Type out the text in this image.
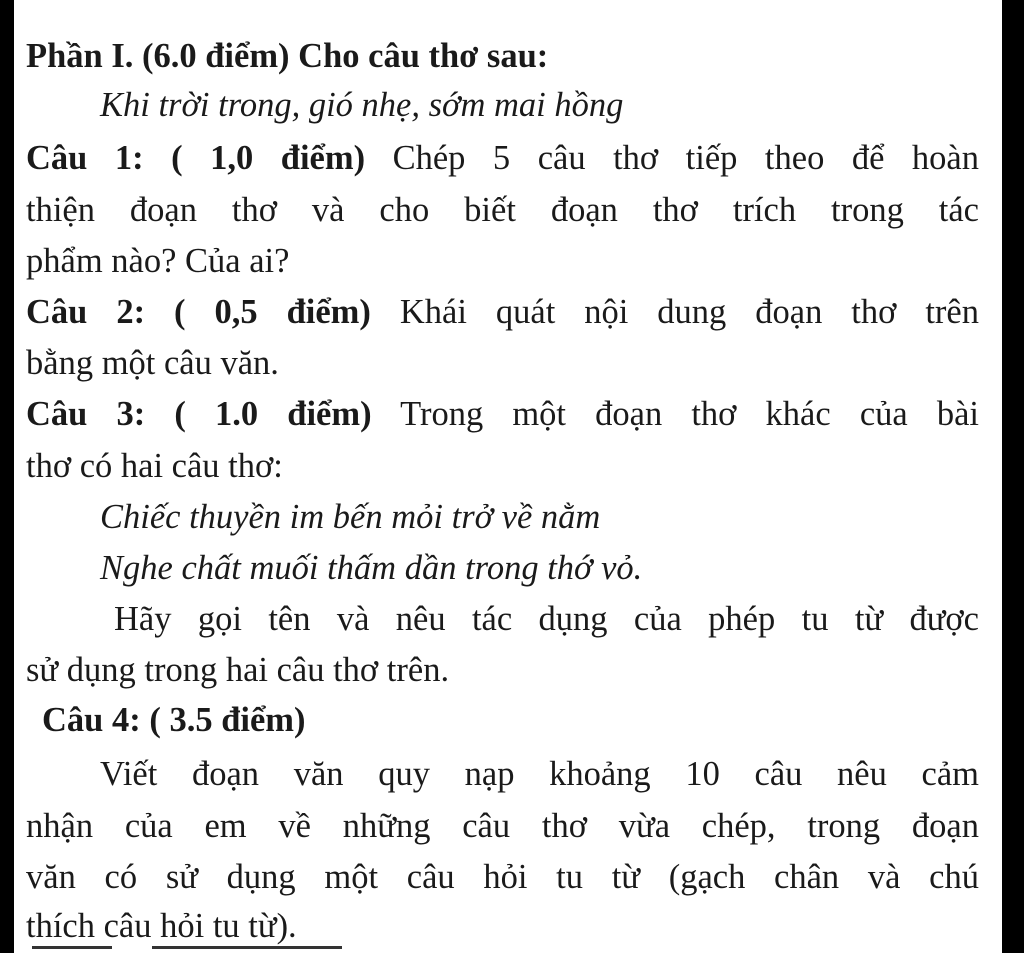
Phần I. (6.0 điểm) Cho câu thơ sau:

Khi trời trong, gió nhẹ, sớm mai hồng

Câu 1: ( 1,0 điểm) Chép 5 câu thơ tiếp theo để hoàn

thiện đoạn thơ và cho biết đoạn thơ trích trong tác

phẩm nào? Của ai?

Câu 2: ( 0,5 điểm) Khái quát nội dung đoạn thơ trên

bằng một câu văn.

Câu 3: ( 1.0 điểm) Trong một đoạn thơ khác của bài

thơ có hai câu thơ:

Chiếc thuyền im bến mỏi trở về nằm

Nghe chất muối thấm dần trong thớ vỏ.

Hãy gọi tên và nêu tác dụng của phép tu từ được

sử dụng trong hai câu thơ trên.

Câu 4: ( 3.5 điểm)

Viết đoạn văn quy nạp khoảng 10 câu nêu cảm

nhận của em về những câu thơ vừa chép, trong đoạn

văn có sử dụng một câu hỏi tu từ (gạch chân và chú

thích câu hỏi tu từ).
